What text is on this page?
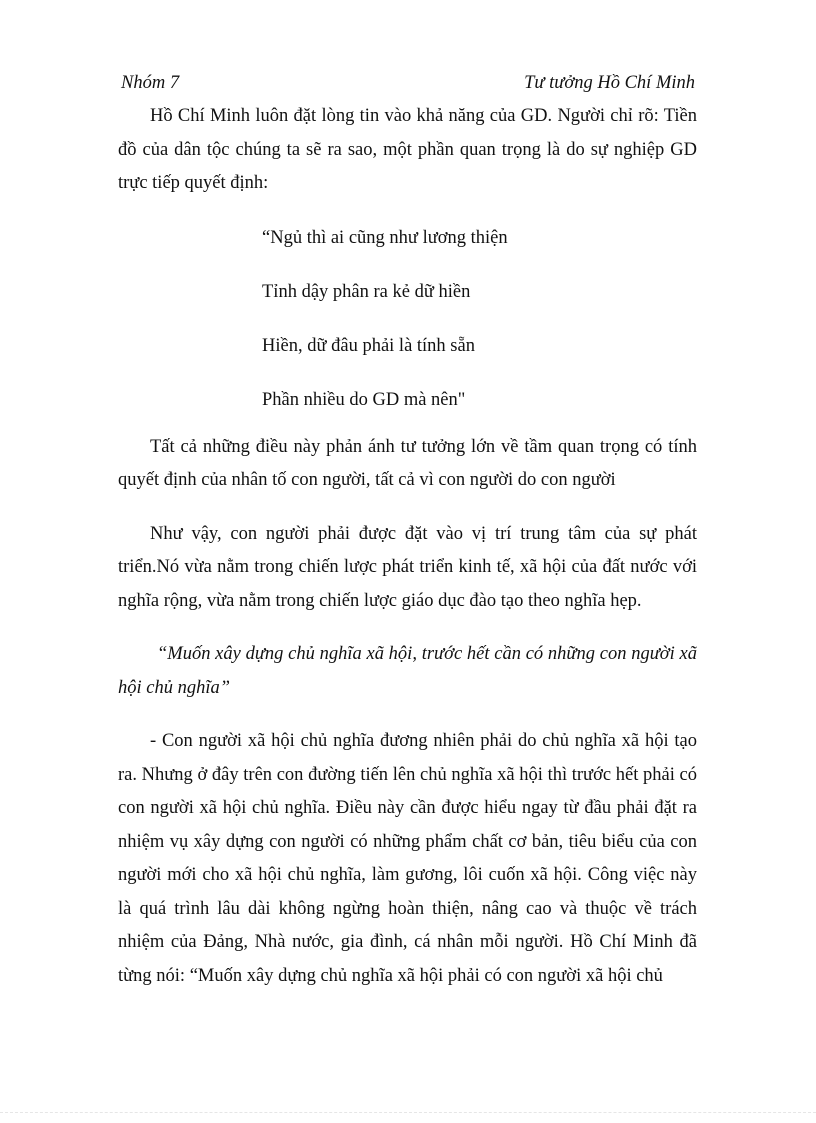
Nhóm 7	Tư tưởng Hồ Chí Minh

Hồ Chí Minh luôn đặt lòng tin vào khả năng của GD. Người chỉ rõ: Tiền đồ của dân tộc chúng ta sẽ ra sao, một phần quan trọng là do sự nghiệp GD trực tiếp quyết định:

“Ngủ thì ai cũng như lương thiện
Tỉnh dậy phân ra kẻ dữ hiền
Hiền, dữ đâu phải là tính sẵn
Phần nhiều do GD mà nên"

Tất cả những điều này phản ánh tư tưởng lớn về tầm quan trọng có tính quyết định của nhân tố con người, tất cả vì con người do con người

Như vậy, con người phải được đặt vào vị trí trung tâm của sự phát triển.Nó vừa nằm trong chiến lược phát triển kinh tế, xã hội của đất nước với nghĩa rộng, vừa nằm trong chiến lược giáo dục đào tạo theo nghĩa hẹp.

“Muốn xây dựng chủ nghĩa xã hội, trước hết cần có những con người xã hội chủ nghĩa”

- Con người xã hội chủ nghĩa đương nhiên phải do chủ nghĩa xã hội tạo ra. Nhưng ở đây trên con đường tiến lên chủ nghĩa xã hội thì trước hết phải có con người xã hội chủ nghĩa. Điều này cần được hiểu ngay từ đầu phải đặt ra nhiệm vụ xây dựng con người có những phẩm chất cơ bản, tiêu biểu của con người mới cho xã hội chủ nghĩa, làm gương, lôi cuốn xã hội. Công việc này là quá trình lâu dài không ngừng hoàn thiện, nâng cao và thuộc về trách nhiệm của Đảng, Nhà nước, gia đình, cá nhân mỗi người. Hồ Chí Minh đã từng nói: “Muốn xây dựng chủ nghĩa xã hội phải có con người xã hội chủ
